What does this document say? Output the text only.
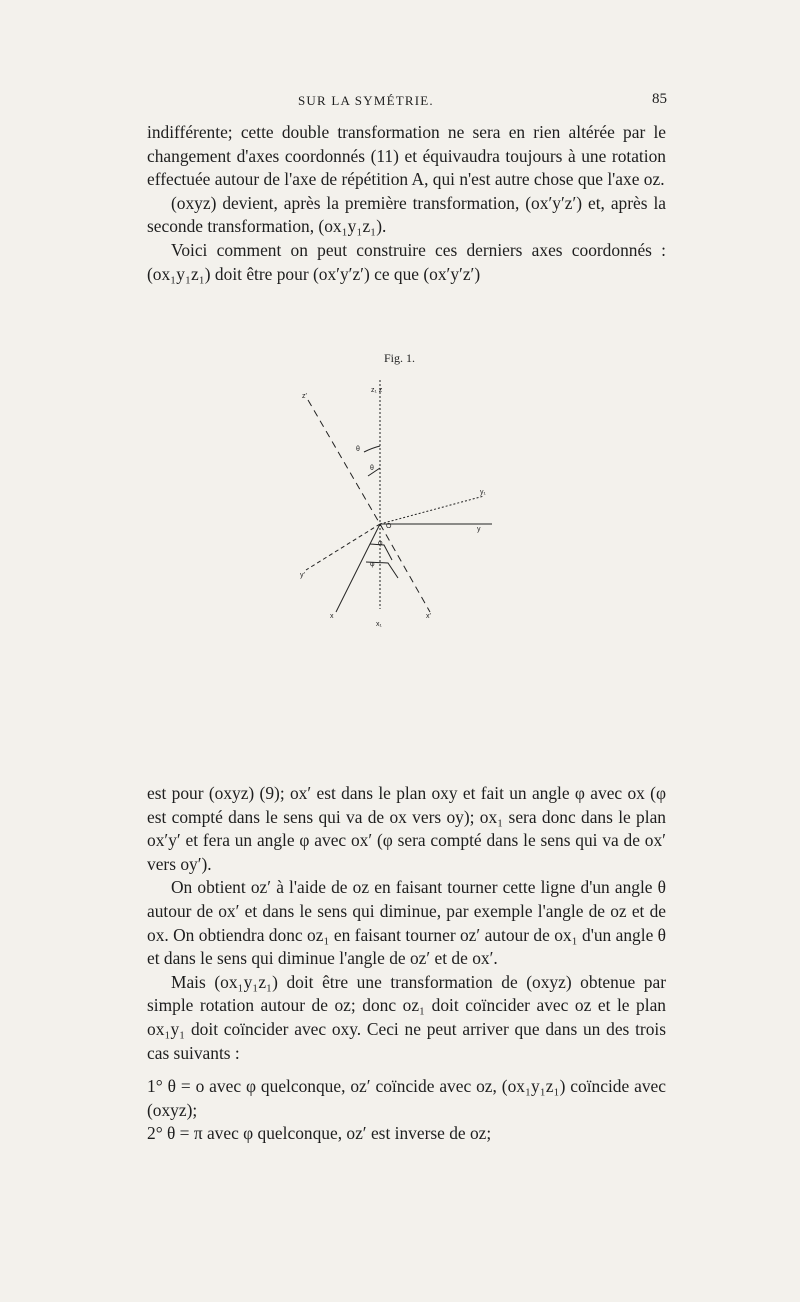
SUR LA SYMÉTRIE.	85

indifférente; cette double transformation ne sera en rien altérée par le changement d'axes coordonnés (11) et équivaudra toujours à une rotation effectuée autour de l'axe de répétition A, qui n'est autre chose que l'axe oz.

(oxyz) devient, après la première transformation, (ox′y′z′) et, après la seconde transformation, (ox₁y₁z₁).

Voici comment on peut construire ces derniers axes coordonnés : (ox₁y₁z₁) doit être pour (ox′y′z′) ce que (ox′y′z′)

Fig. 1.
z₁ z
z′
θ
θ
y₁
O	y
y′
φ
φ
x	x′
x₁

est pour (oxyz) (9); ox′ est dans le plan oxy et fait un angle φ avec ox (φ est compté dans le sens qui va de ox vers oy); ox₁ sera donc dans le plan ox′y′ et fera un angle φ avec ox′ (φ sera compté dans le sens qui va de ox′ vers oy′).

On obtient oz′ à l'aide de oz en faisant tourner cette ligne d'un angle θ autour de ox′ et dans le sens qui diminue, par exemple l'angle de oz et de ox. On obtiendra donc oz₁ en faisant tourner oz′ autour de ox₁ d'un angle θ et dans le sens qui diminue l'angle de oz′ et de ox′.

Mais (ox₁y₁z₁) doit être une transformation de (oxyz) obtenue par simple rotation autour de oz; donc oz₁ doit coïncider avec oz et le plan ox₁y₁ doit coïncider avec oxy. Ceci ne peut arriver que dans un des trois cas suivants :

1° θ = o avec φ quelconque, oz′ coïncide avec oz, (ox₁y₁z₁) coïncide avec (oxyz);

2° θ = π avec φ quelconque, oz′ est inverse de oz;
